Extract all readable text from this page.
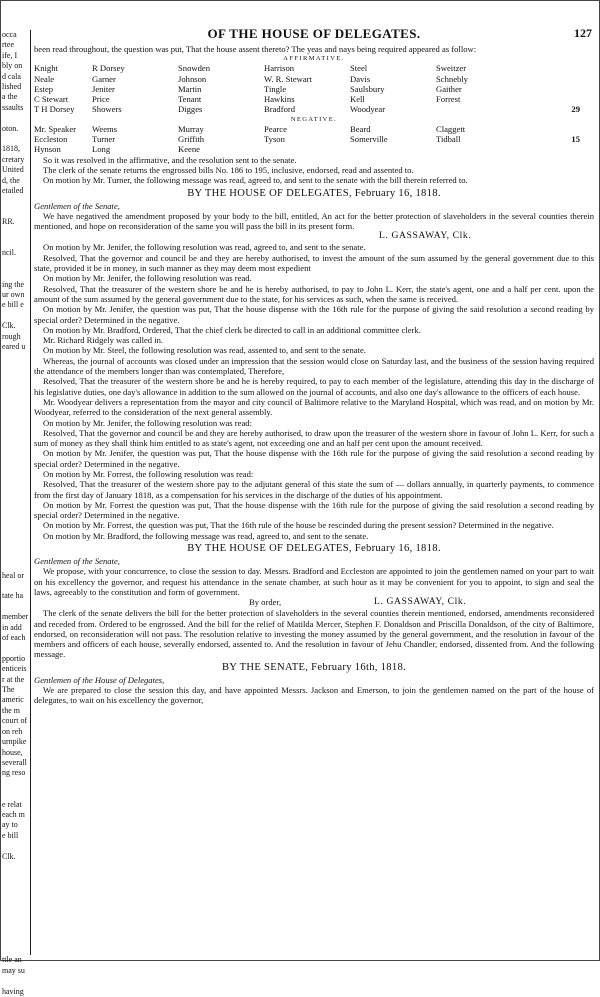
occa
rtee
ife, I
bly on
d cala
lished
a the
ssaults
oton.
1818,
cretary
United
d, the
etailed
RR.
ncil.
ing the
ur own
e bill e
Clk.
rough
eared u
heal or
tate ha
member
in add
of each
pportio
enticeis
r at the
The
americ
the m
court of
on reh
urnpike
house,
severall
ng reso
e relat
each m
ay to
e bill
Clk.
ttle an
may su
having
OF THE HOUSE OF DELEGATES.	127

been read throughout, the question was put, That the house assent thereto? The yeas and nays being required appeared as follow:

AFFIRMATIVE.

Knight	R Dorsey	Snowden	Harrison	Steel	Sweitzer
Neale	Garner	Johnson	W. R. Stewart	Davis	Schnebly
Estep	Jeniter	Martin	Tingle	Saulsbury	Gaither
C Stewart	Price	Tenant	Hawkins	Kell	Forrest
T H Dorsey	Showers	Digges	Bradford	Woodyear	29

NEGATIVE.

Mr. Speaker	Weems	Murray	Pearce	Beard	Claggett
Eccleston	Turner	Griffith	Tyson	Somerville	Tidball	15
Hynson	Long	Keene

So it was resolved in the affirmative, and the resolution sent to the senate.

The clerk of the senate returns the engrossed bills No. 186 to 195, inclusive, endorsed, read and assented to.

On motion by Mr. Turner, the following message was read, agreed to, and sent to the senate with the bill therein referred to.

BY THE HOUSE OF DELEGATES, February 16, 1818.
Gentlemen of the Senate,

We have negatived the amendment proposed by your body to the bill, entitled, An act for the better protection of slaveholders in the several counties therein mentioned, and hope on reconsideration of the same you will pass the bill in its present form.

L. GASSAWAY, Clk.

On motion by Mr. Jenifer, the following resolution was read, agreed to, and sent to the senate.

Resolved, That the governor and council be and they are hereby authorised, to invest the amount of the sum assumed by the general government due to this state, provided it be in money, in such manner as they may deem most expedient

On motion by Mr. Jenifer, the following resolution was read.

Resolved, That the treasurer of the western shore be and he is hereby authorised, to pay to John L. Kerr, the state's agent, one and a half per cent. upon the amount of the sum assumed by the general government due to the state, for his services as such, when the same is received.

On motion by Mr. Jenifer, the question was put, That the house dispense with the 16th rule for the purpose of giving the said resolution a second reading by special order? Determined in the negative.

On motion by Mr. Bradford, Ordered, That the chief clerk be directed to call in an additional committee clerk.

Mr. Richard Ridgely was called in.

On motion by Mr. Steel, the following resolution was read, assented to, and sent to the senate.

Whereas, the journal of accounts was closed under an impression that the session would close on Saturday last, and the business of the session having required the attendance of the members longer than was contemplated, Therefore,

Resolved, That the treasurer of the western shore be and he is hereby required, to pay to each member of the legislature, attending this day in the discharge of his legislative duties, one day's allowance in addition to the sum allowed on the journal of accounts, and also one day's allowance to the officers of each house.

Mr. Woodyear delivers a representation from the mayor and city council of Baltimore relative to the Maryland Hospital, which was read, and on motion by Mr. Woodyear, referred to the consideration of the next general assembly.

On motion by Mr. Jenifer, the following resolution was read:

Resolved, That the governor and council be and they are hereby authorised, to draw upon the treasurer of the western shore in favour of John L. Kerr, for such a sum of money as they shall think him entitled to as state's agent, not exceeding one and an half per cent upon the amount received.

On motion by Mr. Jenifer, the question was put, That the house dispense with the 16th rule for the purpose of giving the said resolution a second reading by special order? Determined in the negative.

On motion by Mr. Forrest, the following resolution was read:

Resolved, That the treasurer of the western shore pay to the adjutant general of this state the sum of — dollars annually, in quarterly payments, to commence from the first day of January 1818, as a compensation for his services in the discharge of the duties of his appointment.

On motion by Mr. Forrest the question was put, That the house dispense with the 16th rule for the purpose of giving the said resolution a second reading by special order? Determined in the negative.

On motion by Mr. Forrest, the question was put, That the 16th rule of the house be rescinded during the present session? Determined in the negative.

On motion by Mr. Bradford, the following message was read, agreed to, and sent to the senate.

BY THE HOUSE OF DELEGATES, February 16, 1818.
Gentlemen of the Senate,

We propose, with your concurrence, to close the session to day. Messrs. Bradford and Eccleston are appointed to join the gentlemen named on your part to wait on his excellency the governor, and request his attendance in the senate chamber, at such hour as it may be convenient for you to appoint, to sign and seal the laws, agreeably to the constitution and form of government.

By order,	L. GASSAWAY, Clk.

The clerk of the senate delivers the bill for the better protection of slaveholders in the several counties therein mentioned, endorsed, amendments reconsidered and receded from. Ordered to be engrossed. And the bill for the relief of Matilda Mercer, Stephen F. Donaldson and Priscilla Donaldson, of the city of Baltimore, endorsed, on reconsideration will not pass. The resolution relative to investing the money assumed by the general government, and the resolution in favour of the members and officers of each house, severally endorsed, assented to. And the resolution in favour of Jehu Chandler, endorsed, dissented from. And the following message.

BY THE SENATE, February 16th, 1818.
Gentlemen of the House of Delegates,

We are prepared to close the session this day, and have appointed Messrs. Jackson and Emerson, to join the gentlemen named on the part of the house of delegates, to wait on his excellency the governor,
